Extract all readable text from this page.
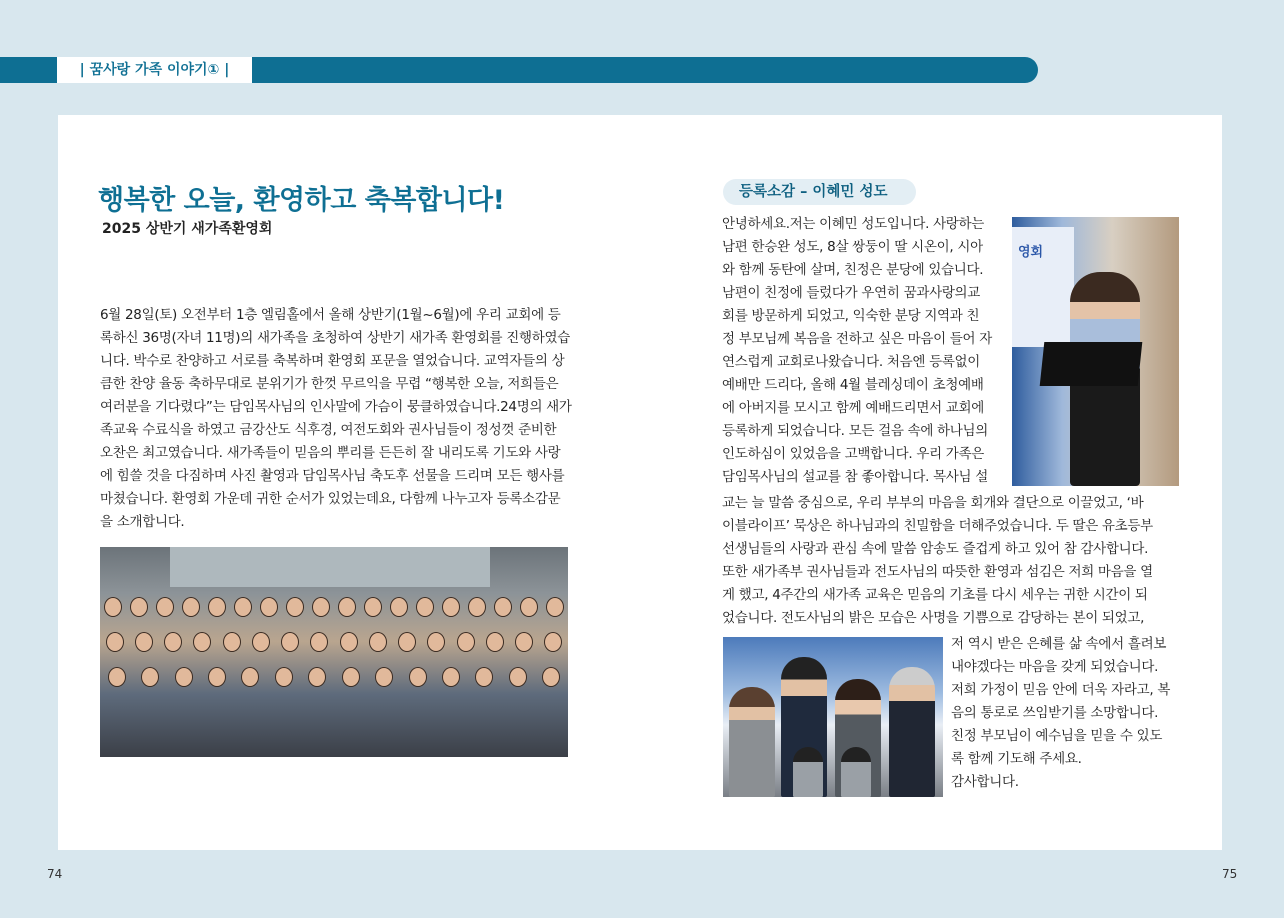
| 꿈사랑 가족 이야기① |
행복한 오늘, 환영하고 축복합니다!
2025 상반기 새가족환영회
6월 28일(토) 오전부터 1층 엘림홀에서 올해 상반기(1월~6월)에 우리 교회에 등록하신 36명(자녀 11명)의 새가족을 초청하여 상반기 새가족 환영회를 진행하였습니다. 박수로 찬양하고 서로를 축복하며 환영회 포문을 열었습니다. 교역자들의 상큼한 찬양 율동 축하무대로 분위기가 한껏 무르익을 무렵 “행복한 오늘, 저희들은 여러분을 기다렸다”는 담임목사님의 인사말에 가슴이 뭉클하였습니다.24명의 새가족교육 수료식을 하였고 금강산도 식후경, 여전도회와 권사님들이 정성껏 준비한 오찬은 최고였습니다. 새가족들이 믿음의 뿌리를 든든히 잘 내리도록 기도와 사랑에 힘쓸 것을 다짐하며 사진 촬영과 담임목사님 축도후 선물을 드리며 모든 행사를 마쳤습니다. 환영회 가운데 귀한 순서가 있었는데요, 다함께 나누고자 등록소감문을 소개합니다.
등록소감 – 이혜민 성도
영회
안녕하세요.저는 이혜민 성도입니다. 사랑하는
남편 한승완 성도, 8살 쌍둥이 딸 시온이, 시아
와 함께 동탄에 살며, 친정은 분당에 있습니다.
남편이 친정에 들렀다가 우연히 꿈과사랑의교
회를 방문하게 되었고, 익숙한 분당 지역과 친
정 부모님께 복음을 전하고 싶은 마음이 들어 자
연스럽게 교회로나왔습니다. 처음엔 등록없이
예배만 드리다, 올해 4월 블레싱데이 초청예배
에 아버지를 모시고 함께 예배드리면서 교회에
등록하게 되었습니다. 모든 걸음 속에 하나님의
인도하심이 있었음을 고백합니다. 우리 가족은
담임목사님의 설교를 참 좋아합니다. 목사님 설
교는 늘 말씀 중심으로, 우리 부부의 마음을 회개와 결단으로 이끌었고, ‘바
이블라이프’ 묵상은 하나님과의 친밀함을 더해주었습니다. 두 딸은 유초등부
선생님들의 사랑과 관심 속에 말씀 암송도 즐겁게 하고 있어 참 감사합니다.
또한 새가족부 권사님들과 전도사님의 따뜻한 환영과 섬김은 저희 마음을 열
게 했고, 4주간의 새가족 교육은 믿음의 기초를 다시 세우는 귀한 시간이 되
었습니다. 전도사님의 밝은 모습은 사명을 기쁨으로 감당하는 본이 되었고,
저 역시 받은 은혜를 삶 속에서 흘려보
내야겠다는 마음을 갖게 되었습니다.
저희 가정이 믿음 안에 더욱 자라고, 복
음의 통로로 쓰임받기를 소망합니다.
친정 부모님이 예수님을 믿을 수 있도
록 함께 기도해 주세요.
감사합니다.
74	75
